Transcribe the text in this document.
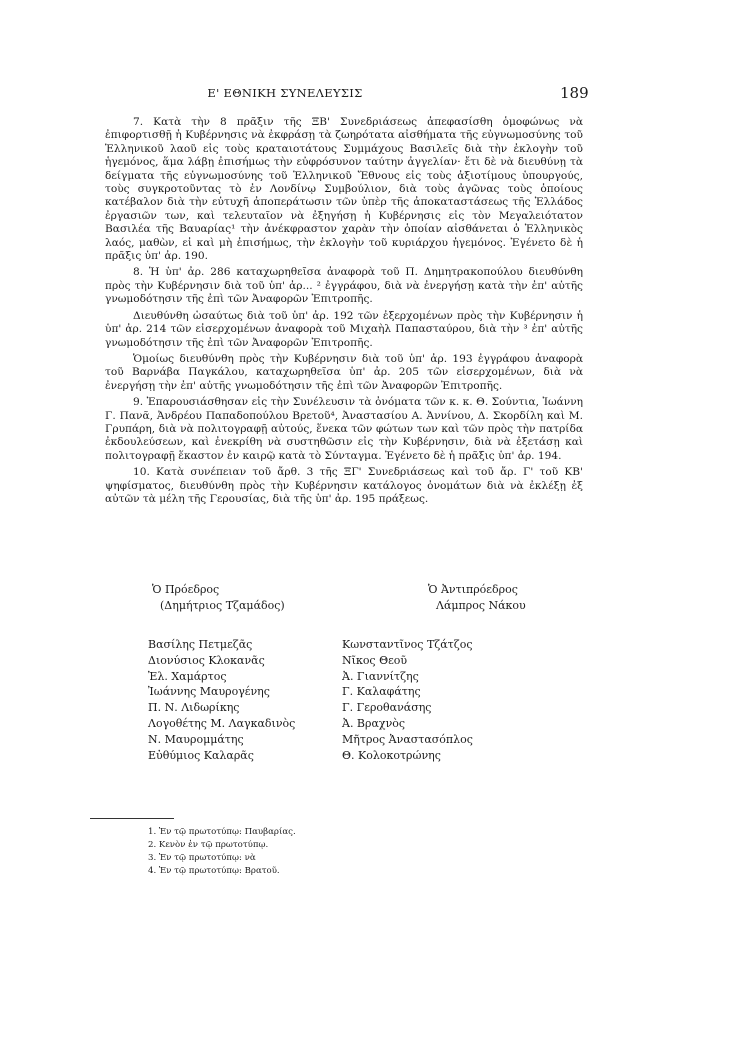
Ε' ΕΘΝΙΚΗ ΣΥΝΕΛΕΥΣΙΣ	189

7. Κατὰ τὴν 8 πρᾶξιν τῆς ΞΒ' Συνεδριάσεως ἀπεφασίσθη ὁμοφώνως νὰ ἐπιφορτισθῇ ἡ Κυβέρνησις νὰ ἐκφράσῃ τὰ ζωηρότατα αἰσθήματα τῆς εὐγνωμοσύνης τοῦ Ἑλληνικοῦ λαοῦ εἰς τοὺς κραταιοτάτους Συμμάχους Βασιλεῖς διὰ τὴν ἐκλογὴν τοῦ ἡγεμόνος, ἅμα λάβῃ ἐπισήμως τὴν εὐφρόσυνον ταύτην ἀγγελίαν· ἔτι δὲ νὰ διευθύνῃ τὰ δείγματα τῆς εὐγνωμοσύνης τοῦ Ἑλληνικοῦ Ἔθνους εἰς τοὺς ἀξιοτίμους ὑπουργούς, τοὺς συγκροτοῦντας τὸ ἐν Λονδίνῳ Συμβούλιον, διὰ τοὺς ἀγῶνας τοὺς ὁποίους κατέβαλον διὰ τὴν εὐτυχῆ ἀποπεράτωσιν τῶν ὑπὲρ τῆς ἀποκαταστάσεως τῆς Ἑλλάδος ἐργασιῶν των, καὶ τελευταῖον νὰ ἐξηγήσῃ ἡ Κυβέρνησις εἰς τὸν Μεγαλειότατον Βασιλέα τῆς Βαυαρίας¹ τὴν ἀνέκφραστον χαρὰν τὴν ὁποίαν αἰσθάνεται ὁ Ἑλληνικὸς λαός, μαθὼν, εἰ καὶ μὴ ἐπισήμως, τὴν ἐκλογὴν τοῦ κυριάρχου ἡγεμόνος. Ἐγένετο δὲ ἡ πρᾶξις ὑπ' ἀρ. 190.

8. Ἡ ὑπ' ἀρ. 286 καταχωρηθεῖσα ἀναφορὰ τοῦ Π. Δημητρακοπούλου διευθύνθη πρὸς τὴν Κυβέρνησιν διὰ τοῦ ὑπ' ἀρ... ² ἐγγράφου, διὰ νὰ ἐνεργήσῃ κατὰ τὴν ἐπ' αὐτῆς γνωμοδότησιν τῆς ἐπὶ τῶν Ἀναφορῶν Ἐπιτροπῆς.

Διευθύνθη ὡσαύτως διὰ τοῦ ὑπ' ἀρ. 192 τῶν ἐξερχομένων πρὸς τὴν Κυβέρνησιν ἡ ὑπ' ἀρ. 214 τῶν εἰσερχομένων ἀναφορὰ τοῦ Μιχαὴλ Παπασταύρου, διὰ τὴν ³ ἐπ' αὐτῆς γνωμοδότησιν τῆς ἐπὶ τῶν Ἀναφορῶν Ἐπιτροπῆς.

Ὁμοίως διευθύνθη πρὸς τὴν Κυβέρνησιν διὰ τοῦ ὑπ' ἀρ. 193 ἐγγράφου ἀναφορὰ τοῦ Βαρνάβα Παγκάλου, καταχωρηθεῖσα ὑπ' ἀρ. 205 τῶν εἰσερχομένων, διὰ νὰ ἐνεργήσῃ τὴν ἐπ' αὐτῆς γνωμοδότησιν τῆς ἐπὶ τῶν Ἀναφορῶν Ἐπιτροπῆς.

9. Ἐπαρουσιάσθησαν εἰς τὴν Συνέλευσιν τὰ ὀνόματα τῶν κ. κ. Θ. Σούντια, Ἰωάννη Γ. Πανᾶ, Ἀνδρέου Παπαδοπούλου Βρετοῦ⁴, Ἀναστασίου Α. Ἀννίνου, Δ. Σκορδίλη καὶ Μ. Γρυπάρη, διὰ νὰ πολιτογραφῇ αὐτούς, ἕνεκα τῶν φώτων των καὶ τῶν πρὸς τὴν πατρίδα ἐκδουλεύσεων, καὶ ἐνεκρίθη νὰ συστηθῶσιν εἰς τὴν Κυβέρνησιν, διὰ νὰ ἐξετάσῃ καὶ πολιτογραφῇ ἕκαστον ἐν καιρῷ κατὰ τὸ Σύνταγμα. Ἐγένετο δὲ ἡ πρᾶξις ὑπ' ἀρ. 194.

10. Κατὰ συνέπειαν τοῦ ἄρθ. 3 τῆς ΞΓ' Συνεδριάσεως καὶ τοῦ ἄρ. Γ' τοῦ ΚΒ' ψηφίσματος, διευθύνθη πρὸς τὴν Κυβέρνησιν κατάλογος ὀνομάτων διὰ νὰ ἐκλέξῃ ἐξ αὐτῶν τὰ μέλη τῆς Γερουσίας, διὰ τῆς ὑπ' ἀρ. 195 πράξεως.

Ὁ Πρόεδρος
(Δημήτριος Τζαμάδος)
Ὁ Ἀντιπρόεδρος
Λάμπρος Νάκου
Βασίλης Πετμεζᾶς
Διονύσιος Κλοκανᾶς
Ἐλ. Χαμάρτος
Ἰωάννης Μαυρογένης
Π. Ν. Λιδωρίκης
Λογοθέτης Μ. Λαγκαδινὸς
Ν. Μαυρομμάτης
Εὐθύμιος Καλαρᾶς
Κωνσταντῖνος Τζάτζος
Νῖκος Θεοῦ
Ἀ. Γιαννίτζης
Γ. Καλαφάτης
Γ. Γεροθανάσης
Ἀ. Βραχνὸς
Μῆτρος Ἀναστασόπλος
Θ. Κολοκοτρώνης
1. Ἐν τῷ πρωτοτύπῳ: Παυβαρίας.
2. Κενὸν ἐν τῷ πρωτοτύπῳ.
3. Ἐν τῷ πρωτοτύπῳ: νὰ
4. Ἐν τῷ πρωτοτύπῳ: Βρατοῦ.
